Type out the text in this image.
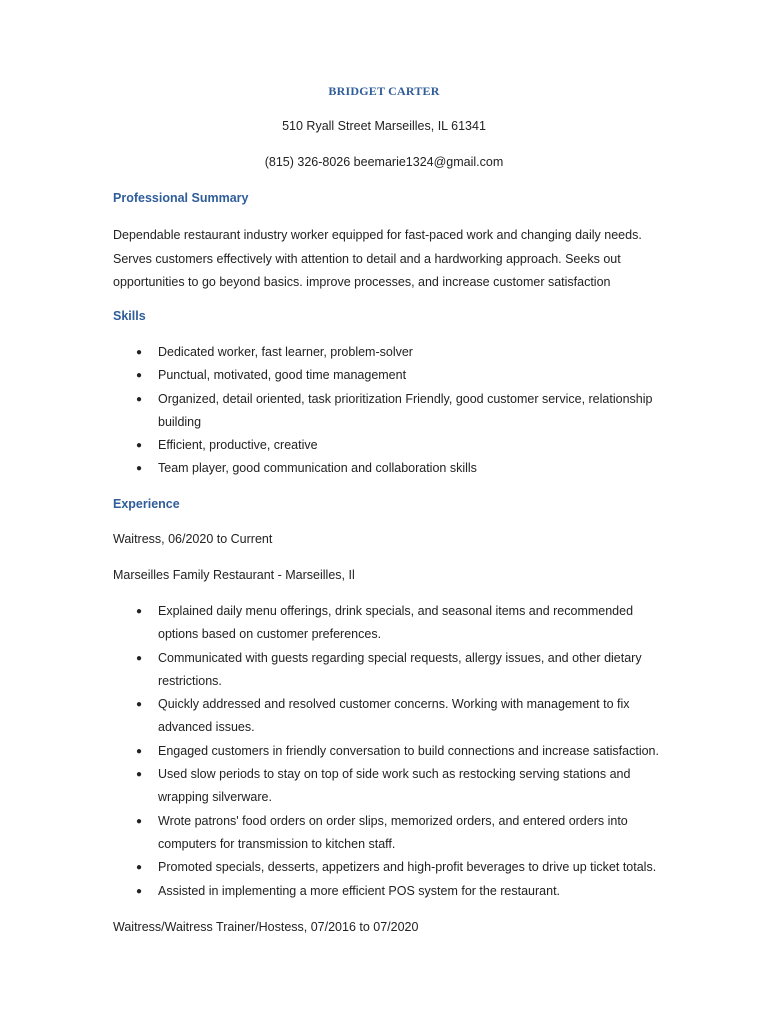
BRIDGET CARTER
510 Ryall Street Marseilles, IL 61341
(815) 326-8026 beemarie1324@gmail.com
Professional Summary
Dependable restaurant industry worker equipped for fast-paced work and changing daily needs. Serves customers effectively with attention to detail and a hardworking approach. Seeks out opportunities to go beyond basics. improve processes, and increase customer satisfaction
Skills
● Dedicated worker, fast learner, problem-solver
● Punctual, motivated, good time management
● Organized, detail oriented, task prioritization Friendly, good customer service, relationship building
● Efficient, productive, creative
● Team player, good communication and collaboration skills
Experience
Waitress, 06/2020 to Current
Marseilles Family Restaurant - Marseilles, Il
● Explained daily menu offerings, drink specials, and seasonal items and recommended options based on customer preferences.
● Communicated with guests regarding special requests, allergy issues, and other dietary restrictions.
● Quickly addressed and resolved customer concerns. Working with management to fix advanced issues.
● Engaged customers in friendly conversation to build connections and increase satisfaction.
● Used slow periods to stay on top of side work such as restocking serving stations and wrapping silverware.
● Wrote patrons' food orders on order slips, memorized orders, and entered orders into computers for transmission to kitchen staff.
● Promoted specials, desserts, appetizers and high-profit beverages to drive up ticket totals.
● Assisted in implementing a more efficient POS system for the restaurant.
Waitress/Waitress Trainer/Hostess, 07/2016 to 07/2020
